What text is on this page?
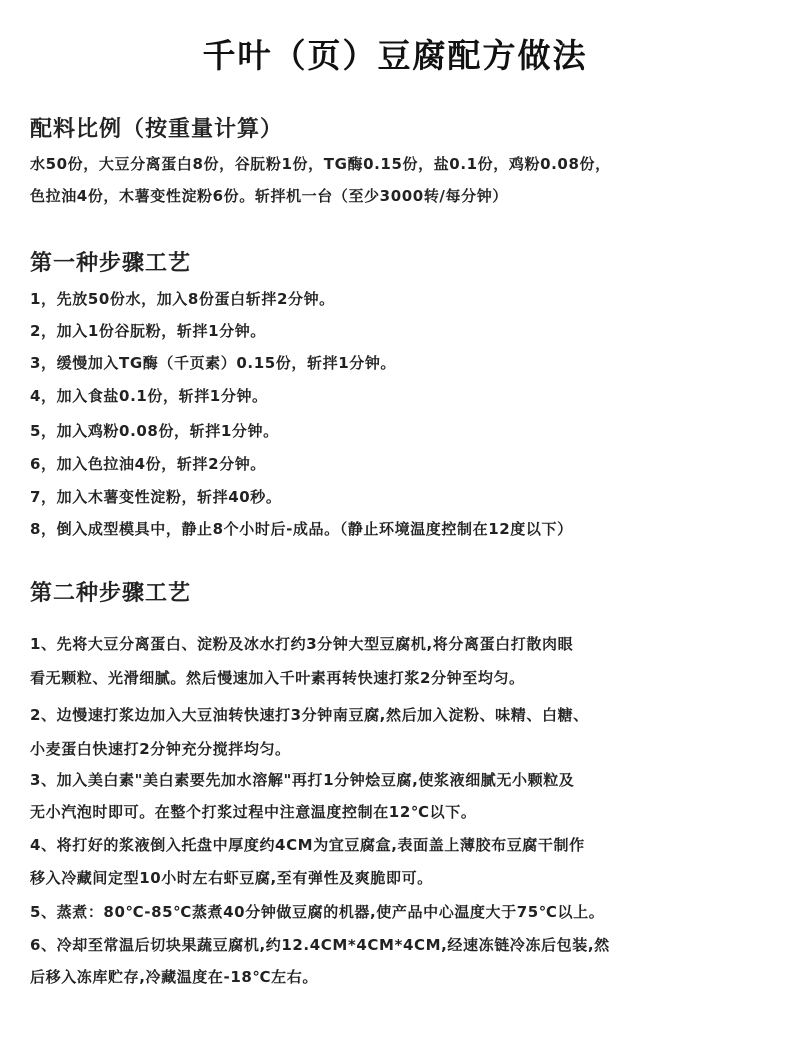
千叶（页）豆腐配方做法
配料比例（按重量计算）
水50份，大豆分离蛋白8份，谷朊粉1份，TG酶0.15份，盐0.1份，鸡粉0.08份，
色拉油4份，木薯变性淀粉6份。斩拌机一台（至少3000转/每分钟）
第一种步骤工艺
1，先放50份水，加入8份蛋白斩拌2分钟。
2，加入1份谷朊粉，斩拌1分钟。
3，缓慢加入TG酶（千页素）0.15份，斩拌1分钟。
4，加入食盐0.1份，斩拌1分钟。
5，加入鸡粉0.08份，斩拌1分钟。
6，加入色拉油4份，斩拌2分钟。
7，加入木薯变性淀粉，斩拌40秒。
8，倒入成型模具中，静止8个小时后-成品。（静止环境温度控制在12度以下）
第二种步骤工艺
1、先将大豆分离蛋白、淀粉及冰水打约3分钟大型豆腐机,将分离蛋白打散肉眼
看无颗粒、光滑细腻。然后慢速加入千叶素再转快速打浆2分钟至均匀。
2、边慢速打浆边加入大豆油转快速打3分钟南豆腐,然后加入淀粉、味精、白糖、
小麦蛋白快速打2分钟充分搅拌均匀。
3、加入美白素"美白素要先加水溶解"再打1分钟烩豆腐,使浆液细腻无小颗粒及
无小汽泡时即可。在整个打浆过程中注意温度控制在12℃以下。
4、将打好的浆液倒入托盘中厚度约4CM为宜豆腐盒,表面盖上薄胶布豆腐干制作
移入冷藏间定型10小时左右虾豆腐,至有弹性及爽脆即可。
5、蒸煮：80℃-85℃蒸煮40分钟做豆腐的机器,使产品中心温度大于75℃以上。
6、冷却至常温后切块果蔬豆腐机,约12.4CM*4CM*4CM,经速冻链冷冻后包装,然
后移入冻库贮存,冷藏温度在-18℃左右。
